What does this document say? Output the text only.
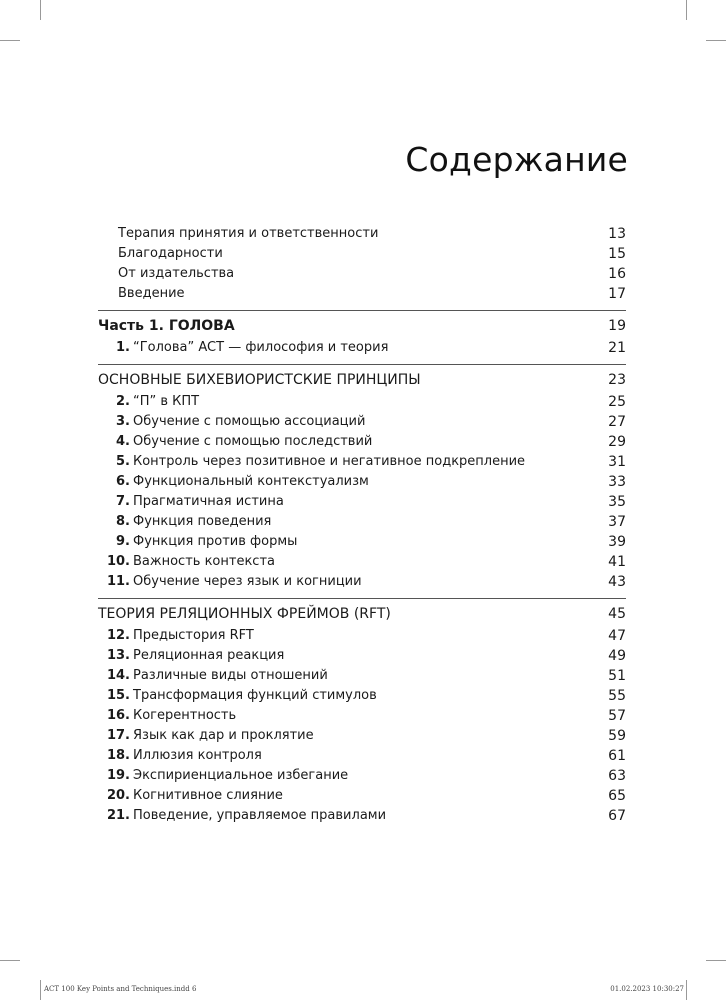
Содержание
Терапия принятия и ответственности	13
Благодарности	15
От издательства	16
Введение	17
Часть 1. ГОЛОВА	19
1. “Голова” ACT — философия и теория	21
ОСНОВНЫЕ БИХЕВИОРИСТСКИЕ ПРИНЦИПЫ	23
2. “П” в КПТ	25
3. Обучение с помощью ассоциаций	27
4. Обучение с помощью последствий	29
5. Контроль через позитивное и негативное подкрепление	31
6. Функциональный контекстуализм	33
7. Прагматичная истина	35
8. Функция поведения	37
9. Функция против формы	39
10. Важность контекста	41
11. Обучение через язык и когниции	43
ТЕОРИЯ РЕЛЯЦИОННЫХ ФРЕЙМОВ (RFT)	45
12. Предыстория RFT	47
13. Реляционная реакция	49
14. Различные виды отношений	51
15. Трансформация функций стимулов	55
16. Когерентность	57
17. Язык как дар и проклятие	59
18. Иллюзия контроля	61
19. Экспириенциальное избегание	63
20. Когнитивное слияние	65
21. Поведение, управляемое правилами	67
ACT 100 Key Points and Techniques.indd 6	01.02.2023 10:30:27
